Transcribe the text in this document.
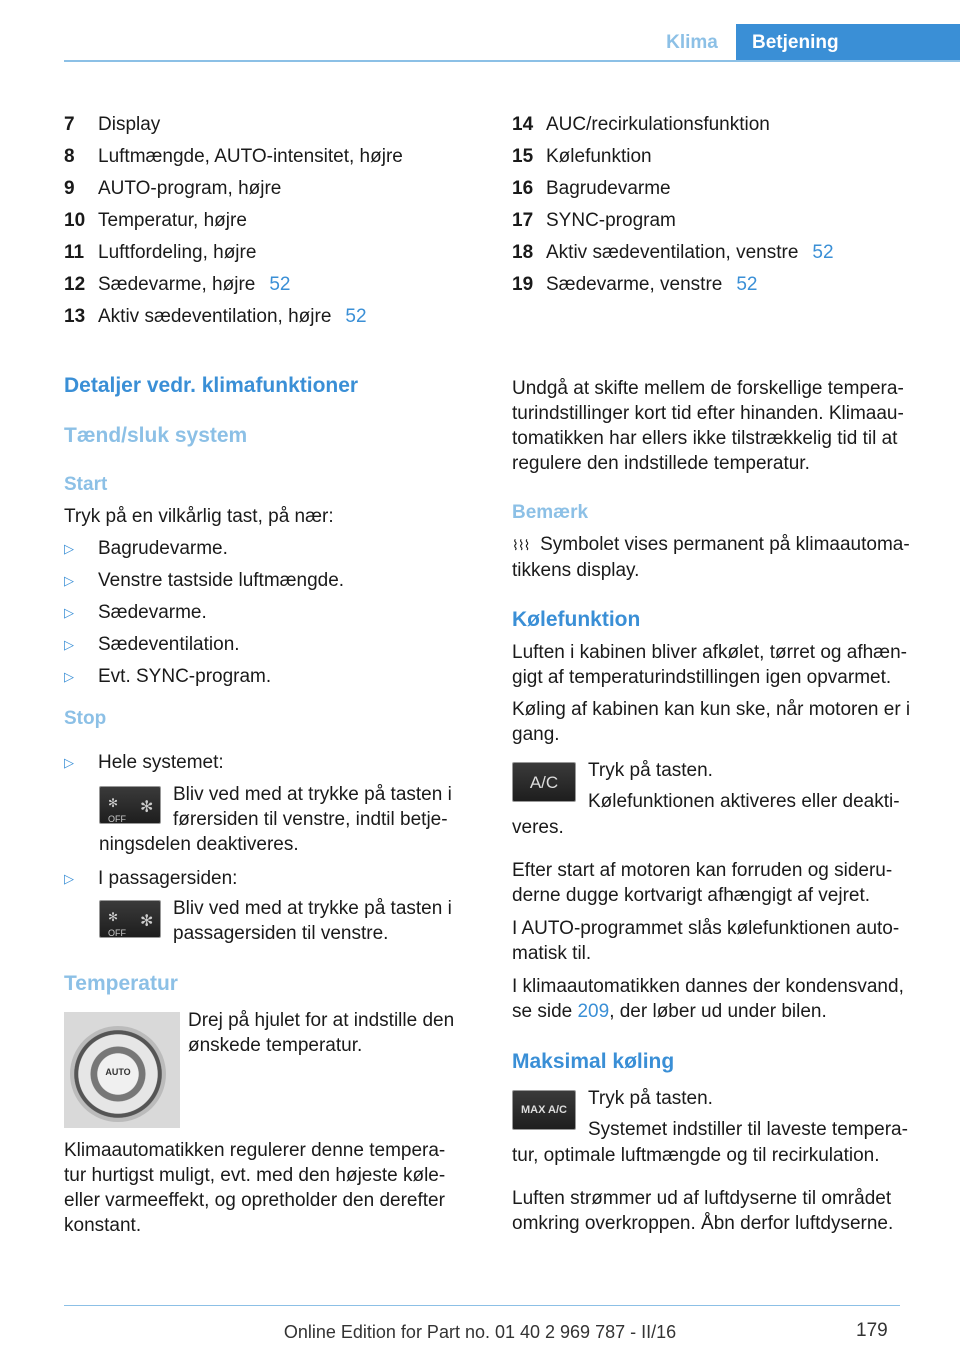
Klima	Betjening
7	Display
8	Luftmængde, AUTO-intensitet, højre
9	AUTO-program, højre
10 Temperatur, højre
11 Luftfordeling, højre
12 Sædevarme, højre 52
13 Aktiv sædeventilation, højre 52
14 AUC/recirkulationsfunktion
15 Kølefunktion
16 Bagrudevarme
17 SYNC-program
18 Aktiv sædeventilation, venstre 52
19 Sædevarme, venstre 52
Detaljer vedr. klimafunktioner
Tænd/sluk system
Start

Tryk på en vilkårlig tast, på nær:

▷	Bagrudevarme.
▷	Venstre tastside luftmængde.
▷	Sædevarme.
▷	Sædeventilation.
▷	Evt. SYNC-program.
Stop
▷	Hele systemet:
✻
OFF
✻

Bliv ved med at trykke på tasten i

førersiden til venstre, indtil betje-

ningsdelen deaktiveres.

▷	I passagersiden:
✻
OFF
✻

Bliv ved med at trykke på tasten i

passagersiden til venstre.

Temperatur
AUTO

Drej på hjulet for at indstille den

ønskede temperatur.

Klimaautomatikken regulerer denne tempera-

tur hurtigst muligt, evt. med den højeste køle-

eller varmeeffekt, og opretholder den derefter

konstant.

Undgå at skifte mellem de forskellige tempera-

turindstillinger kort tid efter hinanden. Klimaau-

tomatikken har ellers ikke tilstrækkelig tid til at

regulere den indstillede temperatur.

Bemærk

⌇⌇⌇ Symbolet vises permanent på klimaautoma-

tikkens display.

Kølefunktion

Luften i kabinen bliver afkølet, tørret og afhæn-

gigt af temperaturindstillingen igen opvarmet.

Køling af kabinen kan kun ske, når motoren er i

gang.

A/C

Tryk på tasten.

Kølefunktionen aktiveres eller deakti-

veres.

Efter start af motoren kan forruden og sideru-

derne dugge kortvarigt afhængigt af vejret.

I AUTO-programmet slås kølefunktionen auto-

matisk til.

I klimaautomatikken dannes der kondensvand,

se side 209, der løber ud under bilen.

Maksimal køling
MAX A/C

Tryk på tasten.

Systemet indstiller til laveste tempera-

tur, optimale luftmængde og til recirkulation.

Luften strømmer ud af luftdyserne til området

omkring overkroppen. Åbn derfor luftdyserne.

179
Online Edition for Part no. 01 40 2 969 787 - II/16
